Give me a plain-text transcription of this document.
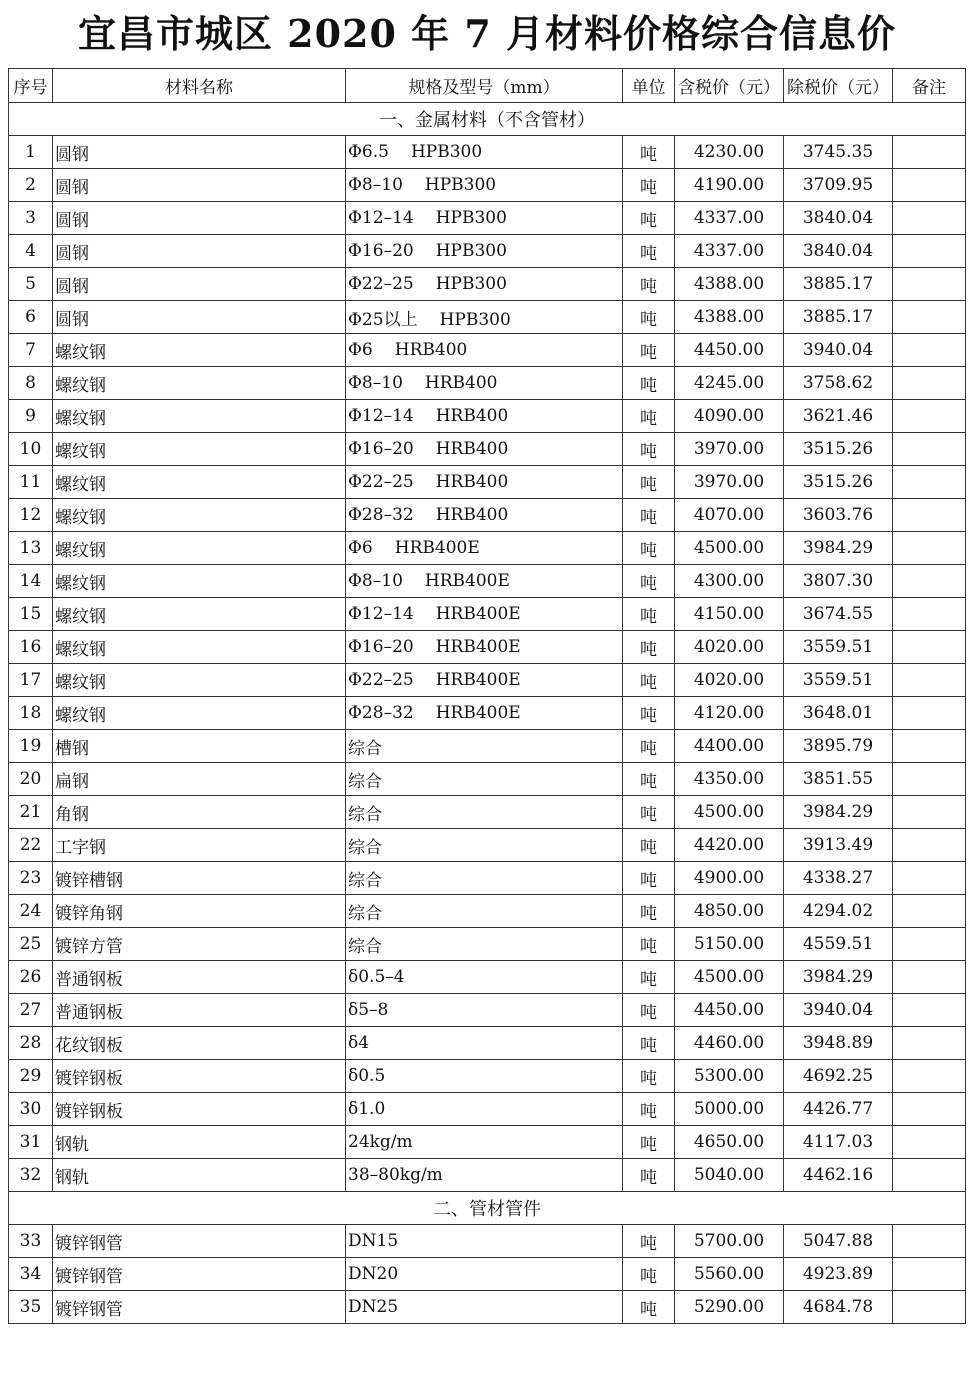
宜昌市城区 2020 年 7 月材料价格综合信息价
序号	材料名称	规格及型号（mm）	单位	含税价（元）	除税价（元）	备注
一、金属材料（不含管材）						
1	圆钢	Φ6.5 HPB300	吨	4230.00	3745.35	
2	圆钢	Φ8–10 HPB300	吨	4190.00	3709.95	
3	圆钢	Φ12–14 HPB300	吨	4337.00	3840.04	
4	圆钢	Φ16–20 HPB300	吨	4337.00	3840.04	
5	圆钢	Φ22–25 HPB300	吨	4388.00	3885.17	
6	圆钢	Φ25以上 HPB300	吨	4388.00	3885.17	
7	螺纹钢	Φ6 HRB400	吨	4450.00	3940.04	
8	螺纹钢	Φ8–10 HRB400	吨	4245.00	3758.62	
9	螺纹钢	Φ12–14 HRB400	吨	4090.00	3621.46	
10	螺纹钢	Φ16–20 HRB400	吨	3970.00	3515.26	
11	螺纹钢	Φ22–25 HRB400	吨	3970.00	3515.26	
12	螺纹钢	Φ28–32 HRB400	吨	4070.00	3603.76	
13	螺纹钢	Φ6 HRB400E	吨	4500.00	3984.29	
14	螺纹钢	Φ8–10 HRB400E	吨	4300.00	3807.30	
15	螺纹钢	Φ12–14 HRB400E	吨	4150.00	3674.55	
16	螺纹钢	Φ16–20 HRB400E	吨	4020.00	3559.51	
17	螺纹钢	Φ22–25 HRB400E	吨	4020.00	3559.51	
18	螺纹钢	Φ28–32 HRB400E	吨	4120.00	3648.01	
19	槽钢	综合	吨	4400.00	3895.79	
20	扁钢	综合	吨	4350.00	3851.55	
21	角钢	综合	吨	4500.00	3984.29	
22	工字钢	综合	吨	4420.00	3913.49	
23	镀锌槽钢	综合	吨	4900.00	4338.27	
24	镀锌角钢	综合	吨	4850.00	4294.02	
25	镀锌方管	综合	吨	5150.00	4559.51	
26	普通钢板	δ0.5–4	吨	4500.00	3984.29	
27	普通钢板	δ5–8	吨	4450.00	3940.04	
28	花纹钢板	δ4	吨	4460.00	3948.89	
29	镀锌钢板	δ0.5	吨	5300.00	4692.25	
30	镀锌钢板	δ1.0	吨	5000.00	4426.77	
31	钢轨	24kg/m	吨	4650.00	4117.03	
32	钢轨	38–80kg/m	吨	5040.00	4462.16	
二、管材管件						
33	镀锌钢管	DN15	吨	5700.00	5047.88	
34	镀锌钢管	DN20	吨	5560.00	4923.89	
35	镀锌钢管	DN25	吨	5290.00	4684.78	
